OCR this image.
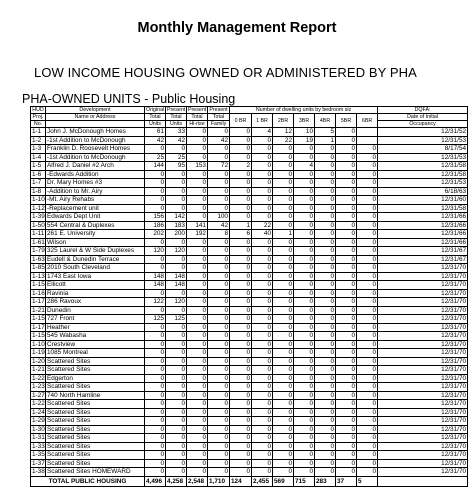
Monthly Management Report
LOW INCOME HOUSING OWNED OR ADMINISTERED BY PHA
PHA-OWNED UNITS - Public Housing
HUD	Development	Original	Present	Present	Present	Number of dwelling units by bedroom siz							DQFA:
Proj.	Name or Address	Total	Total	Total	Total	0 BR	1 BR	2BR	3BR	4BR	5BR	6BR	Date of Initial
No.		Units	Units	Hi-rise	Family								Occupancy
1-1	John J. McDonough Homes	61	33	0	0	0	4	12	10	5	0		12/31/52
1-2	-1st Addition to McDonough	42	42	0	42	0	0	22	19	1	0		12/31/53
1-3	Franklin D. Roosevelt Homes	0	0	0	0	0	0	0	0	0	0	0	8/17/54
1-4	-1st Addition to McDonough	25	25	0	0	0	0	0	0	0	0	0	12/31/53
1-5	Alfred J. Daniel #2 Arch	144	95	153	72	2	0	0	4	0	0	0	12/31/58
1-6	-Edwards Addition	0	0	0	0	0	0	0	0	0	0	0	12/31/58
1-7	Dr. Mary Homes #3	0	0	0	0	0	0	0	0	0	0	0	12/31/53
1-8	-Addition to Mr. Airy	0	0	0	0	0	0	0	0	0	0	0	6/18/63
1-10	-Mt. Airy Rehabs	0	0	0	0	0	0	0	0	0	0	0	12/31/60
1-12	-Replacement unit	0	0	0	0	0	0	0	0	0	0	0	12/31/58
1-39	Edwards Dept Unit	156	142	0	100	0	0	0	0	0	0	0	12/31/66
1-50	554 Central & Duplexes	186	183	141	42	1	22	0	0	0	0	0	12/31/66
1-11	261 E. University	202	200	192	8	6	40	1	0	0	0	0	12/31/66
1-61	Wilson	0	0	0	0	0	0	0	0	0	0	0	12/31/66
1-79	325 Laurel & W Side Duplexes	120	120	0	0	0	0	0	0	0	0	0	12/31/67
1-63	Eudell & Dunedin Terrace	0	0	0	0	0	0	0	0	0	0	0	12/31/67
1-85	2010 South Cleveland	0	0	0	0	0	0	0	0	0	0	0	12/31/70
1-13	1743 East Iowa	148	148	0	0	0	0	0	0	0	0	0	12/31/70
1-15	Ellicott	148	148	0	0	0	0	0	0	0	0	0	12/31/70
1-16	Ravinia	0	0	0	0	0	0	0	0	0	0	0	12/31/70
1-17	286 Ravoux	122	120	0	0	0	0	0	0	0	0	0	12/31/70
1-21	Dunedin	0	0	0	0	0	0	0	0	0	0	0	12/31/70
1-15	727 Front	125	125	0	0	0	0	0	0	0	0	0	12/31/70
1-17	Heather	0	0	0	0	0	0	0	0	0	0	0	12/31/70
1-15	545 Wabasha	0	0	0	0	0	0	0	0	0	0	0	12/31/70
1-10	Crestview	0	0	0	0	0	0	0	0	0	0	0	12/31/70
1-19	1085 Montreal	0	0	0	0	0	0	0	0	0	0	0	12/31/70
1-20	Scattered Sites	0	0	0	0	0	0	0	0	0	0	0	12/31/70
1-21	Scattered Sites	0	0	0	0	0	0	0	0	0	0	0	12/31/70
1-22	Edgerton	0	0	0	0	0	0	0	0	0	0	0	12/31/70
1-23	Scattered Sites	0	0	0	0	0	0	0	0	0	0	0	12/31/70
1-27	740 North Hamline	0	0	0	0	0	0	0	0	0	0	0	12/31/70
1-22	Scattered Sites	0	0	0	0	0	0	0	0	0	0	0	12/31/70
1-24	Scattered Sites	0	0	0	0	0	0	0	0	0	0	0	12/31/70
1-29	Scattered Sites	0	0	0	0	0	0	0	0	0	0	0	12/31/70
1-30	Scattered Sites	0	0	0	0	0	0	0	0	0	0	0	12/31/70
1-31	Scattered Sites	0	0	0	0	0	0	0	0	0	0	0	12/31/70
1-33	Scattered Sites	0	0	0	0	0	0	0	0	0	0	0	12/31/70
1-35	Scattered Sites	0	0	0	0	0	0	0	0	0	0	0	12/31/70
1-37	Scattered Sites	0	0	0	0	0	0	0	0	0	0	0	12/31/70
1-38	Scattered Sites HOMEWARD	0	0	0	0	0	0	0	0	0	0	0	12/31/70
TOTAL PUBLIC HOUSING		4,496	4,258	2,548	1,710	124	2,455	569	715	283	37	5	
